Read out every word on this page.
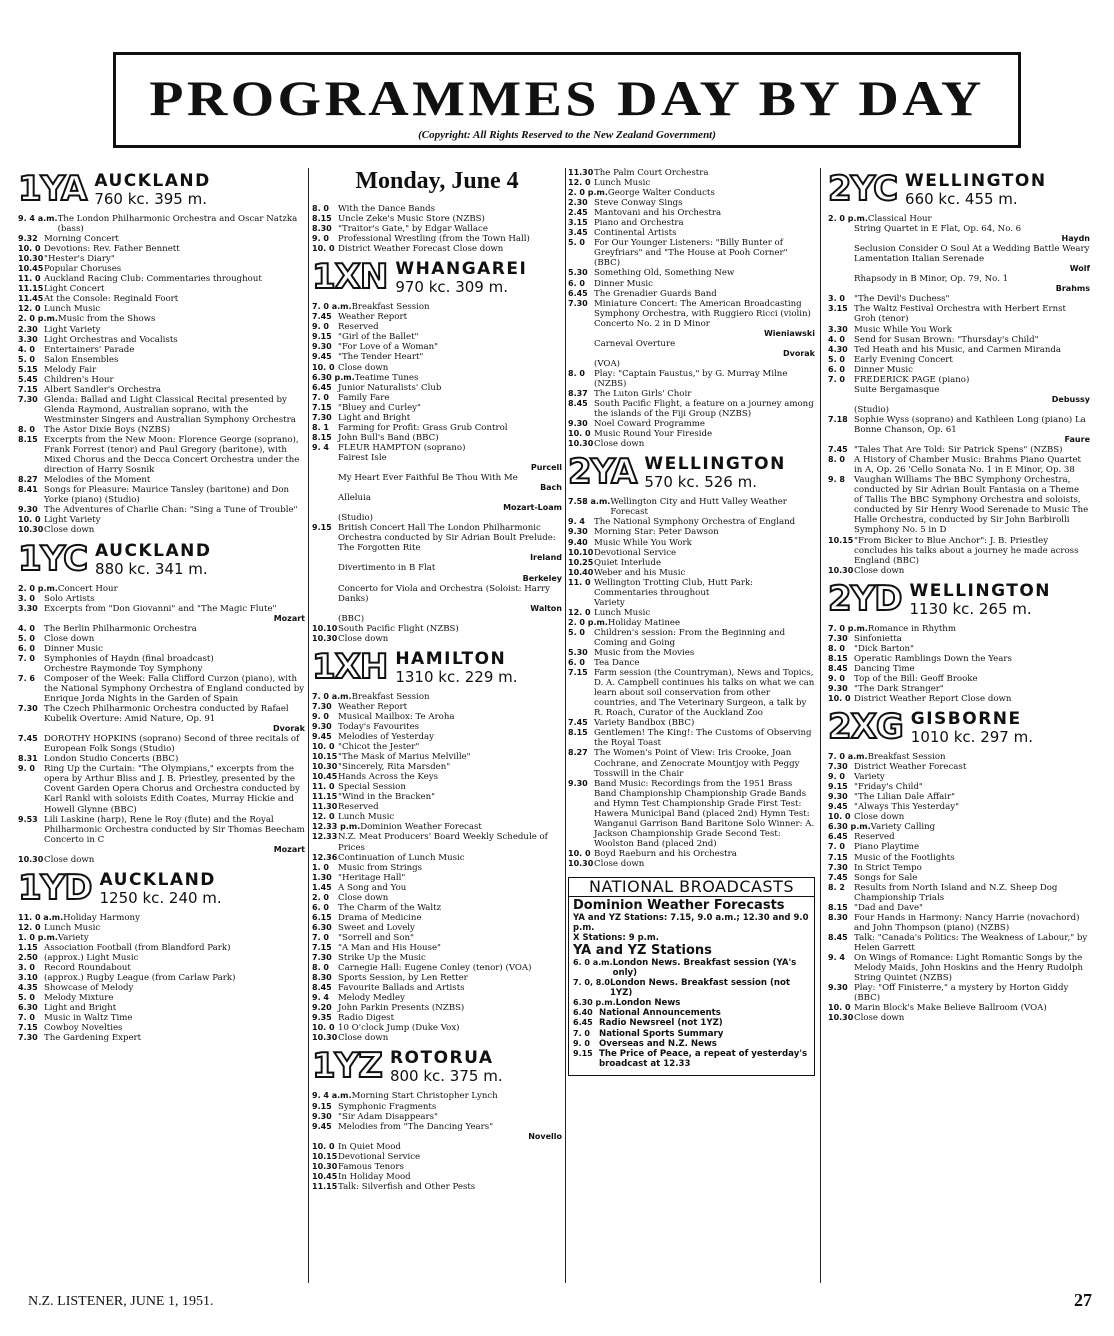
PROGRAMMES DAY BY DAY
(Copyright: All Rights Reserved to the New Zealand Government)
1YA AUCKLAND
760 kc. 395 m.
9. 4 a.m. The London Philharmonic Orchestra and Oscar Natzka (bass)
9.32 Morning Concert
10. 0 Devotions: Rev. Father Bennett
10.30 "Hester's Diary"
10.45 Popular Choruses
11. 0 Auckland Racing Club: Commentaries throughout
11.15 Light Concert
11.45 At the Console: Reginald Foort
12. 0 Lunch Music
2. 0 p.m. Music from the Shows
2.30 Light Variety
3.30 Light Orchestras and Vocalists
4. 0	Entertainers' Parade
5. 0	Salon Ensembles
5.15 Melody Fair
5.45 Children's Hour
7.15 Albert Sandler's Orchestra
7.30 Glenda: Ballad and Light Classical Recital presented by Glenda Raymond, Australian soprano, with the Westminster Singers and Australian Symphony Orchestra
8. 0	The Astor Dixie Boys (NZBS)
8.15 Excerpts from the New Moon: Florence George (soprano), Frank Forrest (tenor) and Paul Gregory (baritone), with Mixed Chorus and the Decca Concert Orchestra under the direction of Harry Sosnik
8.27 Melodies of the Moment
8.41 Songs for Pleasure: Maurice Tansley (baritone) and Don Yorke (piano) (Studio)
9.30 The Adventures of Charlie Chan: "Sing a Tune of Trouble"
10. 0 Light Variety
10.30 Close down
1YC AUCKLAND
880 kc. 341 m.
2. 0 p.m. Concert Hour
3. 0	Solo Artists
3.30 Excerpts from "Don Giovanni" and "The Magic Flute"
Mozart
4. 0	The Berlin Philharmonic Orchestra
5. 0	Close down
6. 0	Dinner Music
7. 0	Symphonies of Haydn (final broadcast)
Orchestre Raymonde Toy Symphony
7. 6	Composer of the Week: Falla Clifford Curzon (piano), with the National Symphony Orchestra of England conducted by Enrique Jorda Nights in the Garden of Spain
7.30 The Czech Philharmonic Orchestra conducted by Rafael Kubelik Overture: Amid Nature, Op. 91
Dvorak
7.45 DOROTHY HOPKINS (soprano) Second of three recitals of European Folk Songs (Studio)
8.31 London Studio Concerts (BBC)
9. 0	Ring Up the Curtain: "The Olympians," excerpts from the opera by Arthur Bliss and J. B. Priestley, presented by the Covent Garden Opera Chorus and Orchestra conducted by Karl Rankl with soloists Edith Coates, Murray Hickie and Howell Glynne (BBC)
9.53 Lili Laskine (harp), Rene le Roy (flute) and the Royal Philharmonic Orchestra conducted by Sir Thomas Beecham Concerto in C
Mozart
10.30 Close down
1YD AUCKLAND
1250 kc. 240 m.
11. 0 a.m. Holiday Harmony
12. 0 Lunch Music
1. 0 p.m. Variety
1.15 Association Football (from Blandford Park)
2.50 (approx.) Light Music
3. 0	Record Roundabout
3.10 (approx.) Rugby League (from Carlaw Park)
4.35 Showcase of Melody
5. 0	Melody Mixture
6.30 Light and Bright
7. 0	Music in Waltz Time
7.15 Cowboy Novelties
7.30 The Gardening Expert
Monday, June 4
8. 0	With the Dance Bands
8.15 Uncle Zeke's Music Store (NZBS)
8.30 "Traitor's Gate," by Edgar Wallace
9. 0	Professional Wrestling (from the Town Hall)
10. 0 District Weather Forecast Close down
1XN WHANGAREI
970 kc. 309 m.
7. 0 a.m. Breakfast Session
7.45 Weather Report
9. 0	Reserved
9.15 "Girl of the Ballet"
9.30 "For Love of a Woman"
9.45 "The Tender Heart"
10. 0 Close down
6.30 p.m. Teatime Tunes
6.45 Junior Naturalists' Club
7. 0	Family Fare
7.15 "Bluey and Curley"
7.30 Light and Bright
8. 1	Farming for Profit: Grass Grub Control
8.15 John Bull's Band (BBC)
9. 4	FLEUR HAMPTON (soprano)
Fairest Isle
Purcell
My Heart Ever Faithful Be Thou With Me
Bach
Alleluia
Mozart-Loam
(Studio)
9.15 British Concert Hall The London Philharmonic Orchestra conducted by Sir Adrian Boult Prelude: The Forgotten Rite
Ireland
Divertimento in B Flat
Berkeley
Concerto for Viola and Orchestra (Soloist: Harry Danks)
Walton
(BBC)
10.10 South Pacific Flight (NZBS)
10.30 Close down
1XH HAMILTON
1310 kc. 229 m.
7. 0 a.m. Breakfast Session
7.30 Weather Report
9. 0	Musical Mailbox: Te Aroha
9.30 Today's Favourites
9.45 Melodies of Yesterday
10. 0 "Chicot the Jester"
10.15 "The Mask of Marius Melville"
10.30 "Sincerely, Rita Marsden"
10.45 Hands Across the Keys
11. 0 Special Session
11.15 "Wind in the Bracken"
11.30 Reserved
12. 0 Lunch Music
12.33 p.m. Dominion Weather Forecast
12.33 N.Z. Meat Producers' Board Weekly Schedule of Prices
12.36 Continuation of Lunch Music
1. 0	Music from Strings
1.30 "Heritage Hall"
1.45 A Song and You
2. 0	Close down
6. 0	The Charm of the Waltz
6.15 Drama of Medicine
6.30 Sweet and Lovely
7. 0	"Sorrell and Son"
7.15 "A Man and His House"
7.30 Strike Up the Music
8. 0	Carnegie Hall: Eugene Conley (tenor) (VOA)
8.30 Sports Session, by Len Retter
8.45 Favourite Ballads and Artists
9. 4	Melody Medley
9.20 John Parkin Presents (NZBS)
9.35 Radio Digest
10. 0 10 O'clock Jump (Duke Vox)
10.30 Close down
1YZ ROTORUA
800 kc. 375 m.
9. 4 a.m. Morning Start Christopher Lynch
9.15 Symphonic Fragments
9.30 "Sir Adam Disappears"
9.45 Melodies from "The Dancing Years"
Novello
10. 0 In Quiet Mood
10.15 Devotional Service
10.30 Famous Tenors
10.45 In Holiday Mood
11.15 Talk: Silverfish and Other Pests
11.30 The Palm Court Orchestra
12. 0 Lunch Music
2. 0 p.m. George Walter Conducts
2.30 Steve Conway Sings
2.45 Mantovani and his Orchestra
3.15 Piano and Orchestra
3.45 Continental Artists
5. 0	For Our Younger Listeners: "Billy Bunter of Greyfriars" and "The House at Pooh Corner" (BBC)
5.30 Something Old, Something New
6. 0	Dinner Music
6.45 The Grenadier Guards Band
7.30 Miniature Concert: The American Broadcasting Symphony Orchestra, with Ruggiero Ricci (violin) Concerto No. 2 in D Minor
Wieniawski
Carneval Overture
Dvorak
(VOA)
8. 0	Play: "Captain Faustus," by G. Murray Milne (NZBS)
8.37 The Luton Girls' Choir
8.45 South Pacific Flight, a feature on a journey among the islands of the Fiji Group (NZBS)
9.30 Noel Coward Programme
10. 0 Music Round Your Fireside
10.30 Close down
2YA WELLINGTON
570 kc. 526 m.
7.58 a.m. Wellington City and Hutt Valley Weather Forecast
9. 4	The National Symphony Orchestra of England
9.30 Morning Star: Peter Dawson
9.40 Music While You Work
10.10 Devotional Service
10.25 Quiet Interlude
10.40 Weber and his Music
11. 0 Wellington Trotting Club, Hutt Park: Commentaries throughout
Variety
12. 0 Lunch Music
2. 0 p.m. Holiday Matinee
5. 0	Children's session: From the Beginning and Coming and Going
5.30 Music from the Movies
6. 0	Tea Dance
7.15 Farm session (the Countryman), News and Topics, D. A. Campbell continues his talks on what we can learn about soil conservation from other countries, and The Veterinary Surgeon, a talk by R. Roach, Curator of the Auckland Zoo
7.45 Variety Bandbox (BBC)
8.15 Gentlemen! The King!: The Customs of Observing the Royal Toast
8.27 The Women's Point of View: Iris Crooke, Joan Cochrane, and Zenocrate Mountjoy with Peggy Tosswill in the Chair
9.30 Band Music: Recordings from the 1951 Brass Band Championship Championship Grade Bands and Hymn Test Championship Grade First Test: Hawera Municipal Band (placed 2nd) Hymn Test: Wanganui Garrison Band Baritone Solo Winner: A. Jackson Championship Grade Second Test: Woolston Band (placed 2nd)
10. 0 Boyd Raeburn and his Orchestra
10.30 Close down
NATIONAL BROADCASTS
Dominion Weather Forecasts
YA and YZ Stations: 7.15, 9.0 a.m.; 12.30 and 9.0 p.m.
X Stations: 9 p.m.
YA and YZ Stations
6. 0 a.m. London News. Breakfast session (YA's only)
7. 0, 8.0 London News. Breakfast session (not 1YZ)
6.30 p.m. London News
6.40 National Announcements
6.45 Radio Newsreel (not 1YZ)
7. 0	National Sports Summary
9. 0	Overseas and N.Z. News
9.15 The Price of Peace, a repeat of yesterday's broadcast at 12.33
2YC WELLINGTON
660 kc. 455 m.
2. 0 p.m. Classical Hour
String Quartet in E Flat, Op. 64, No. 6
Haydn
Seclusion Consider O Soul At a Wedding Battle Weary Lamentation Italian Serenade
Wolf
Rhapsody in B Minor, Op. 79, No. 1
Brahms
3. 0	"The Devil's Duchess"
3.15 The Waltz Festival Orchestra with Herbert Ernst Groh (tenor)
3.30 Music While You Work
4. 0	Send for Susan Brown: "Thursday's Child"
4.30 Ted Heath and his Music, and Carmen Miranda
5. 0	Early Evening Concert
6. 0	Dinner Music
7. 0	FREDERICK PAGE (piano)
Suite Bergamasque
Debussy
(Studio)
7.18 Sophie Wyss (soprano) and Kathleen Long (piano) La Bonne Chanson, Op. 61
Faure
7.45 "Tales That Are Told: Sir Patrick Spens" (NZBS)
8. 0	A History of Chamber Music: Brahms Piano Quartet in A, Op. 26 'Cello Sonata No. 1 in E Minor, Op. 38
9. 8	Vaughan Williams The BBC Symphony Orchestra, conducted by Sir Adrian Boult Fantasia on a Theme of Tallis The BBC Symphony Orchestra and soloists, conducted by Sir Henry Wood Serenade to Music The Halle Orchestra, conducted by Sir John Barbirolli Symphony No. 5 in D
10.15 "From Bicker to Blue Anchor": J. B. Priestley concludes his talks about a journey he made across England (BBC)
10.30 Close down
2YD WELLINGTON
1130 kc. 265 m.
7. 0 p.m. Romance in Rhythm
7.30 Sinfonietta
8. 0	"Dick Barton"
8.15 Operatic Ramblings Down the Years
8.45 Dancing Time
9. 0	Top of the Bill: Geoff Brooke
9.30 "The Dark Stranger"
10. 0 District Weather Report Close down
2XG GISBORNE
1010 kc. 297 m.
7. 0 a.m. Breakfast Session
7.30 District Weather Forecast
9. 0	Variety
9.15 "Friday's Child"
9.30 "The Lilian Dale Affair"
9.45 "Always This Yesterday"
10. 0 Close down
6.30 p.m. Variety Calling
6.45 Reserved
7. 0	Piano Playtime
7.15 Music of the Footlights
7.30 In Strict Tempo
7.45 Songs for Sale
8. 2	Results from North Island and N.Z. Sheep Dog Championship Trials
8.15 "Dad and Dave"
8.30 Four Hands in Harmony: Nancy Harrie (novachord) and John Thompson (piano) (NZBS)
8.45 Talk: "Canada's Politics: The Weakness of Labour," by Helen Garrett
9. 4	On Wings of Romance: Light Romantic Songs by the Melody Maids, John Hoskins and the Henry Rudolph String Quintet (NZBS)
9.30 Play: "Off Finisterre," a mystery by Horton Giddy (BBC)
10. 0 Marin Block's Make Believe Ballroom (VOA)
10.30 Close down
N.Z. LISTENER, JUNE 1, 1951.	27
